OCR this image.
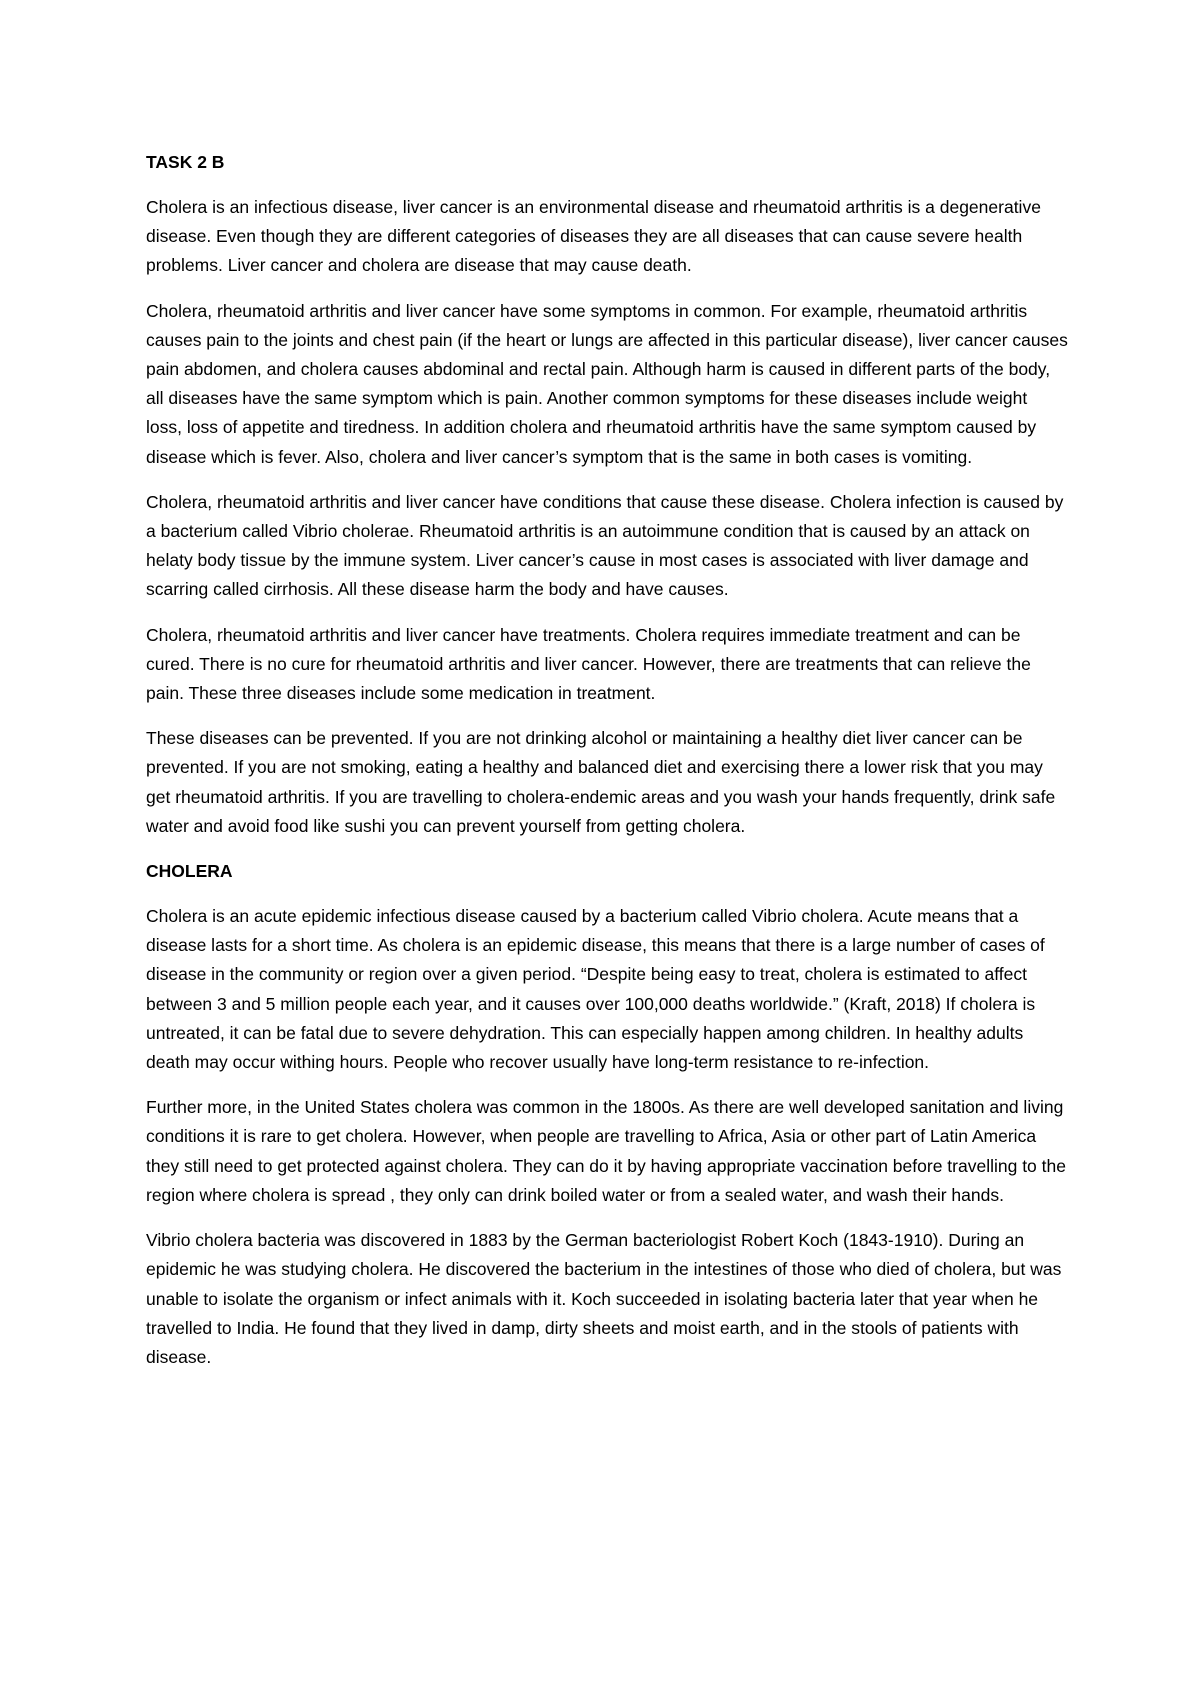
TASK 2 B

Cholera is an infectious disease, liver cancer is an environmental disease and rheumatoid arthritis is a degenerative disease. Even though they are different categories of diseases they are all diseases that can cause severe health problems. Liver cancer and cholera are disease that may cause death.

Cholera, rheumatoid arthritis and liver cancer have some symptoms in common. For example, rheumatoid arthritis causes pain to the joints and chest pain (if the heart or lungs are affected in this particular disease), liver cancer causes pain abdomen, and cholera causes abdominal and rectal pain. Although harm is caused in different parts of the body, all diseases have the same symptom which is pain. Another common symptoms for these diseases include weight loss, loss of appetite and tiredness. In addition cholera and rheumatoid arthritis have the same symptom caused by disease which is fever. Also, cholera and liver cancer’s symptom that is the same in both cases is vomiting.

Cholera, rheumatoid arthritis and liver cancer have conditions that cause these disease. Cholera infection is caused by a bacterium called Vibrio cholerae. Rheumatoid arthritis is an autoimmune condition that is caused by an attack on helaty body tissue by the immune system. Liver cancer’s cause in most cases is associated with liver damage and scarring called cirrhosis. All these disease harm the body and have causes.

Cholera, rheumatoid arthritis and liver cancer have treatments. Cholera requires immediate treatment and can be cured. There is no cure for rheumatoid arthritis and liver cancer. However, there are treatments that can relieve the pain. These three diseases include some medication in treatment.

These diseases can be prevented. If you are not drinking alcohol or maintaining a healthy diet liver cancer can be prevented. If you are not smoking, eating a healthy and balanced diet and exercising there a lower risk that you may get rheumatoid arthritis. If you are travelling to cholera-endemic areas and you wash your hands frequently, drink safe water and avoid food like sushi you can prevent yourself from getting cholera.

CHOLERA

Cholera is an acute epidemic infectious disease caused by a bacterium called Vibrio cholera. Acute means that a disease lasts for a short time. As cholera is an epidemic disease, this means that there is a large number of cases of disease in the community or region over a given period. “Despite being easy to treat, cholera is estimated to affect between 3 and 5 million people each year, and it causes over 100,000 deaths worldwide.” (Kraft, 2018) If cholera is untreated, it can be fatal due to severe dehydration. This can especially happen among children. In healthy adults death may occur withing hours. People who recover usually have long-term resistance to re-infection.

Further more, in the United States cholera was common in the 1800s. As there are well developed sanitation and living conditions it is rare to get cholera. However, when people are travelling to Africa, Asia or other part of Latin America they still need to get protected against cholera. They can do it by having appropriate vaccination before travelling to the region where cholera is spread , they only can drink boiled water or from a sealed water, and wash their hands.

Vibrio cholera bacteria was discovered in 1883 by the German bacteriologist Robert Koch (1843-1910). During an epidemic he was studying cholera. He discovered the bacterium in the intestines of those who died of cholera, but was unable to isolate the organism or infect animals with it. Koch succeeded in isolating bacteria later that year when he travelled to India. He found that they lived in damp, dirty sheets and moist earth, and in the stools of patients with disease.
